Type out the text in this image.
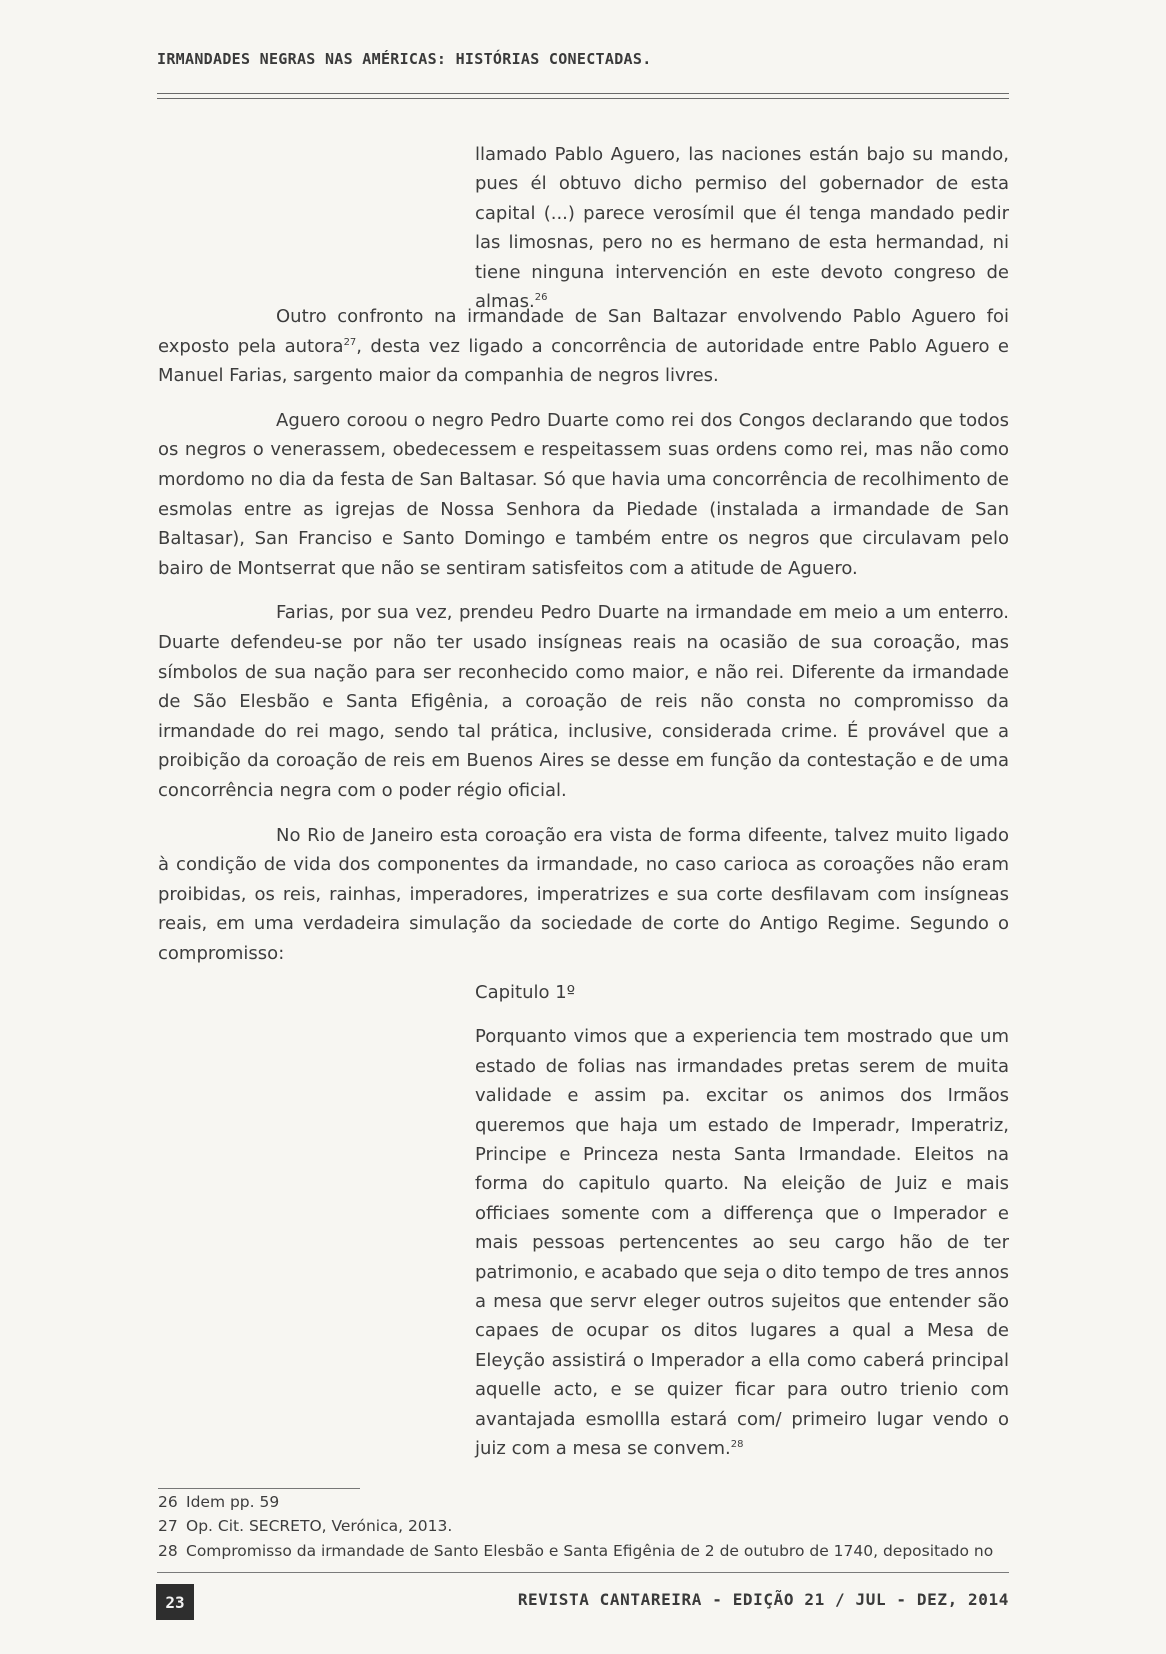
IRMANDADES NEGRAS NAS AMÉRICAS: HISTÓRIAS CONECTADAS.

llamado Pablo Aguero, las naciones están bajo su mando, pues él obtuvo dicho permiso del gobernador de esta capital (...) parece verosímil que él tenga mandado pedir las limosnas, pero no es hermano de esta hermandad, ni tiene ninguna intervención en este devoto congreso de almas.$^{26}$

Outro confronto na irmandade de San Baltazar envolvendo Pablo Aguero foi exposto pela autora$^{27}$, desta vez ligado a concorrência de autoridade entre Pablo Aguero e Manuel Farias, sargento maior da companhia de negros livres.

Aguero coroou o negro Pedro Duarte como rei dos Congos declarando que todos os negros o venerassem, obedecessem e respeitassem suas ordens como rei, mas não como mordomo no dia da festa de San Baltasar. Só que havia uma concorrência de recolhimento de esmolas entre as igrejas de Nossa Senhora da Piedade (instalada a irmandade de San Baltasar), San Franciso e Santo Domingo e também entre os negros que circulavam pelo bairo de Montserrat que não se sentiram satisfeitos com a atitude de Aguero.

Farias, por sua vez, prendeu Pedro Duarte na irmandade em meio a um enterro. Duarte defendeu-se por não ter usado insígneas reais na ocasião de sua coroação, mas símbolos de sua nação para ser reconhecido como maior, e não rei. Diferente da irmandade de São Elesbão e Santa Efigênia, a coroação de reis não consta no compromisso da irmandade do rei mago, sendo tal prática, inclusive, considerada crime. É provável que a proibição da coroação de reis em Buenos Aires se desse em função da contestação e de uma concorrência negra com o poder régio oficial.

No Rio de Janeiro esta coroação era vista de forma difeente, talvez muito ligado à condição de vida dos componentes da irmandade, no caso carioca as coroações não eram proibidas, os reis, rainhas, imperadores, imperatrizes e sua corte desfilavam com insígneas reais, em uma verdadeira simulação da sociedade de corte do Antigo Regime. Segundo o compromisso:

Capitulo 1º

Porquanto vimos que a experiencia tem mostrado que um estado de folias nas irmandades pretas serem de muita validade e assim pa. excitar os animos dos Irmãos queremos que haja um estado de Imperadr, Imperatriz, Principe e Princeza nesta Santa Irmandade. Eleitos na forma do capitulo quarto. Na eleição de Juiz e mais officiaes somente com a differença que o Imperador e mais pessoas pertencentes ao seu cargo hão de ter patrimonio, e acabado que seja o dito tempo de tres annos a mesa que servr eleger outros sujeitos que entender são capaes de ocupar os ditos lugares a qual a Mesa de Eleyção assistirá o Imperador a ella como caberá principal aquelle acto, e se quizer ficar para outro trienio com avantajada esmollla estará com/ primeiro lugar vendo o juiz com a mesa se convem.$^{28}$

26 Idem pp. 59
27 Op. Cit. SECRETO, Verónica, 2013.
28 Compromisso da irmandade de Santo Elesbão e Santa Efigênia de 2 de outubro de 1740, depositado no
23	REVISTA CANTAREIRA - EDIÇÃO 21 / JUL - DEZ, 2014
